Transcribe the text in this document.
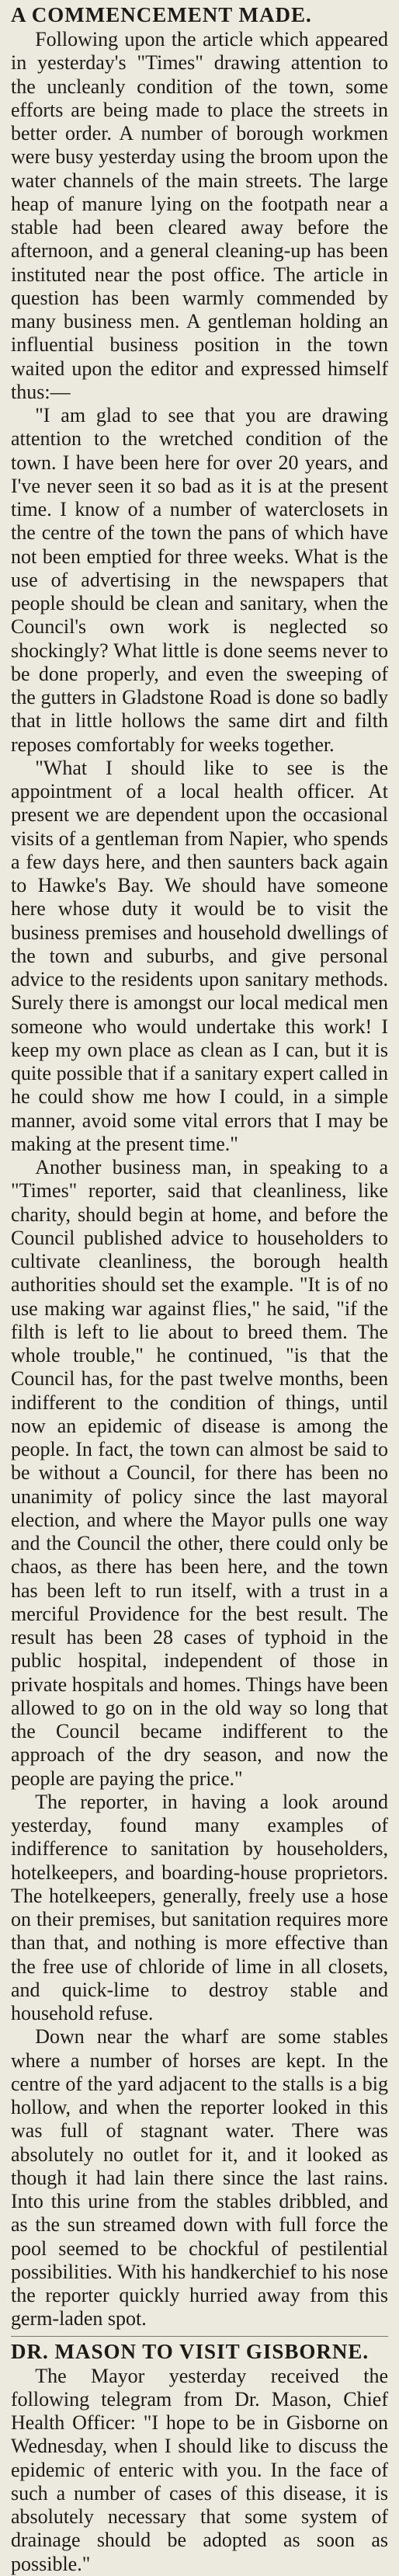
A COMMENCEMENT MADE.

Following upon the article which appeared in yesterday's "Times" drawing attention to the uncleanly condition of the town, some efforts are being made to place the streets in better order. A number of borough workmen were busy yesterday using the broom upon the water channels of the main streets. The large heap of manure lying on the footpath near a stable had been cleared away before the afternoon, and a general cleaning-up has been instituted near the post office. The article in question has been warmly commended by many business men. A gentleman holding an influential business position in the town waited upon the editor and expressed himself thus:—

"I am glad to see that you are drawing attention to the wretched condition of the town. I have been here for over 20 years, and I've never seen it so bad as it is at the present time. I know of a number of waterclosets in the centre of the town the pans of which have not been emptied for three weeks. What is the use of advertising in the newspapers that people should be clean and sanitary, when the Council's own work is neglected so shockingly? What little is done seems never to be done properly, and even the sweeping of the gutters in Gladstone Road is done so badly that in little hollows the same dirt and filth reposes comfortably for weeks together.

"What I should like to see is the appointment of a local health officer. At present we are dependent upon the occasional visits of a gentleman from Napier, who spends a few days here, and then saunters back again to Hawke's Bay. We should have someone here whose duty it would be to visit the business premises and household dwellings of the town and suburbs, and give personal advice to the residents upon sanitary methods. Surely there is amongst our local medical men someone who would undertake this work! I keep my own place as clean as I can, but it is quite possible that if a sanitary expert called in he could show me how I could, in a simple manner, avoid some vital errors that I may be making at the present time."

Another business man, in speaking to a "Times" reporter, said that cleanliness, like charity, should begin at home, and before the Council published advice to householders to cultivate cleanliness, the borough health authorities should set the example. "It is of no use making war against flies," he said, "if the filth is left to lie about to breed them. The whole trouble," he continued, "is that the Council has, for the past twelve months, been indifferent to the condition of things, until now an epidemic of disease is among the people. In fact, the town can almost be said to be without a Council, for there has been no unanimity of policy since the last mayoral election, and where the Mayor pulls one way and the Council the other, there could only be chaos, as there has been here, and the town has been left to run itself, with a trust in a merciful Providence for the best result. The result has been 28 cases of typhoid in the public hospital, independent of those in private hospitals and homes. Things have been allowed to go on in the old way so long that the Council became indifferent to the approach of the dry season, and now the people are paying the price."

The reporter, in having a look around yesterday, found many examples of indifference to sanitation by householders, hotelkeepers, and boarding-house proprietors. The hotelkeepers, generally, freely use a hose on their premises, but sanitation requires more than that, and nothing is more effective than the free use of chloride of lime in all closets, and quick-lime to destroy stable and household refuse.

Down near the wharf are some stables where a number of horses are kept. In the centre of the yard adjacent to the stalls is a big hollow, and when the reporter looked in this was full of stagnant water. There was absolutely no outlet for it, and it looked as though it had lain there since the last rains. Into this urine from the stables dribbled, and as the sun streamed down with full force the pool seemed to be chockful of pestilential possibilities. With his handkerchief to his nose the reporter quickly hurried away from this germ-laden spot.

DR. MASON TO VISIT GISBORNE.

The Mayor yesterday received the following telegram from Dr. Mason, Chief Health Officer: "I hope to be in Gisborne on Wednesday, when I should like to discuss the epidemic of enteric with you. In the face of such a number of cases of this disease, it is absolutely necessary that some system of drainage should be adopted as soon as possible."
